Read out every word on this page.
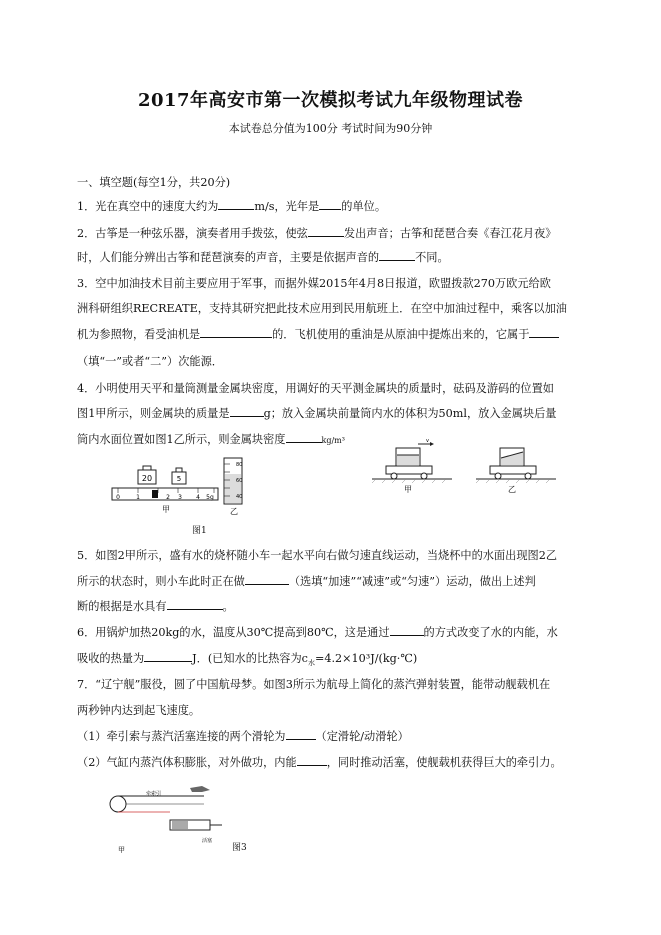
2017年高安市第一次模拟考试九年级物理试卷
本试卷总分值为100分 考试时间为90分钟
一、填空题(每空1分，共20分)
1．光在真空中的速度大约为	m/s，光年是 的单位。
2．古筝是一种弦乐器，演奏者用手拨弦，使弦	发出声音；古筝和琵琶合奏《春江花月夜》
时，人们能分辨出古筝和琵琶演奏的声音，主要是依据声音的	不同。
3．空中加油技术目前主要应用于军事，而据外媒2015年4月8日报道，欧盟拨款270万欧元给欧
洲科研组织RECREATE，支持其研究把此技术应用到民用航班上．在空中加油过程中，乘客以加油
机为参照物，看受油机是	的．飞机使用的重油是从原油中提炼出来的，它属于
（填“一”或者“二”）次能源．
4．小明使用天平和量筒测量金属块密度，用调好的天平测金属块的质量时，砝码及游码的位置如
图1甲所示，则金属块的质量是	g；放入金属块前量筒内水的体积为50ml，放入金属块后量
筒内水面位置如图1乙所示，则金属块密度	kg/m³
20	5
0	1	2 3 4 5g
甲
80
60
40
乙
图1
v
甲	乙
5．如图2甲所示，盛有水的烧杯随小车一起水平向右做匀速直线运动，当烧杯中的水面出现图2乙
所示的状态时，则小车此时正在做	（选填“加速”“减速”或“匀速”）运动，做出上述判
断的根据是水具有	。
6．用锅炉加热20kg的水，温度从30℃提高到80℃，这是通过	的方式改变了水的内能，水
吸收的热量为	J．(已知水的比热容为$c_水=4.2\times 10^3J/(kg\cdot℃)$
7．“辽宁舰”服役，圆了中国航母梦。如图3所示为航母上简化的蒸汽弹射装置，能带动舰载机在
两秒钟内达到起飞速度。
（1）牵引索与蒸汽活塞连接的两个滑轮为	（定滑轮/动滑轮）
（2）气缸内蒸汽体积膨胀，对外做功，内能	，同时推动活塞，使舰载机获得巨大的牵引力。
牵索引
活塞
甲	图3
